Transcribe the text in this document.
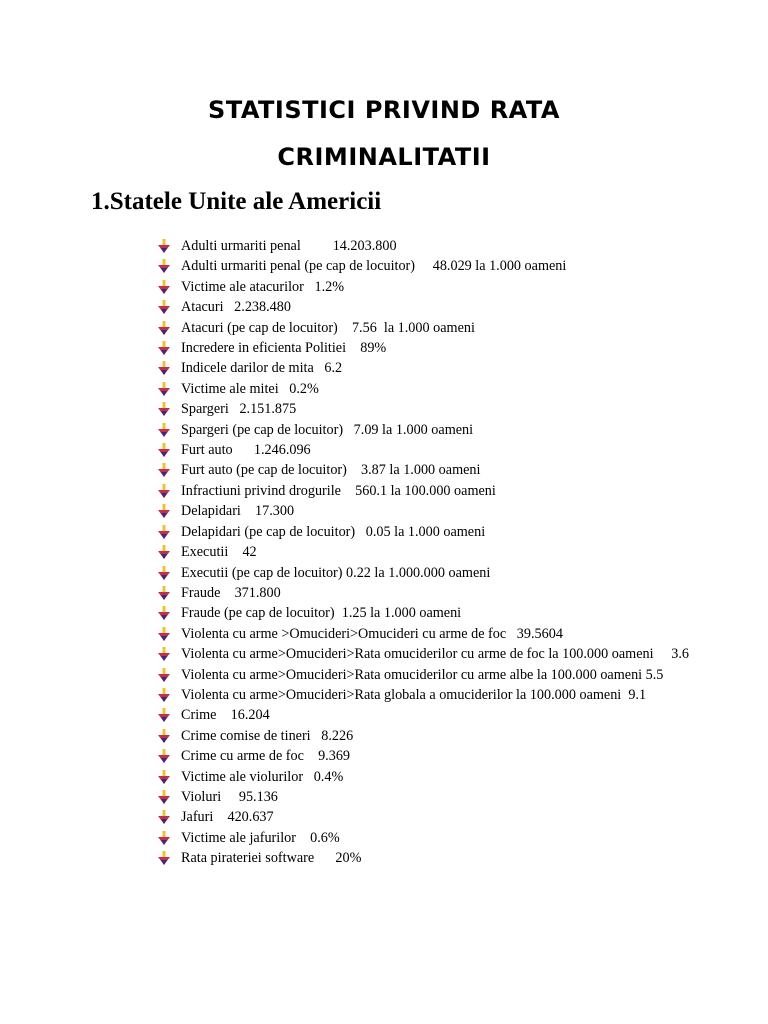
STATISTICI PRIVIND RATA
CRIMINALITATII
1.Statele Unite ale Americii
Adulti urmariti penal         14.203.800
Adulti urmariti penal (pe cap de locuitor)     48.029 la 1.000 oameni
Victime ale atacurilor   1.2%
Atacuri   2.238.480
Atacuri (pe cap de locuitor)    7.56  la 1.000 oameni
Incredere in eficienta Politiei    89%
Indicele darilor de mita   6.2
Victime ale mitei   0.2%
Spargeri   2.151.875
Spargeri (pe cap de locuitor)   7.09 la 1.000 oameni
Furt auto      1.246.096
Furt auto (pe cap de locuitor)    3.87 la 1.000 oameni
Infractiuni privind drogurile    560.1 la 100.000 oameni
Delapidari    17.300
Delapidari (pe cap de locuitor)   0.05 la 1.000 oameni
Executii    42
Executii (pe cap de locuitor) 0.22 la 1.000.000 oameni
Fraude    371.800
Fraude (pe cap de locuitor)  1.25 la 1.000 oameni
Violenta cu arme >Omucideri>Omucideri cu arme de foc   39.5604
Violenta cu arme>Omucideri>Rata omuciderilor cu arme de foc la 100.000 oameni     3.6
Violenta cu arme>Omucideri>Rata omuciderilor cu arme albe la 100.000 oameni 5.5
Violenta cu arme>Omucideri>Rata globala a omuciderilor la 100.000 oameni  9.1
Crime    16.204
Crime comise de tineri   8.226
Crime cu arme de foc    9.369
Victime ale violurilor   0.4%
Violuri     95.136
Jafuri    420.637
Victime ale jafurilor    0.6%
Rata pirateriei software      20%
